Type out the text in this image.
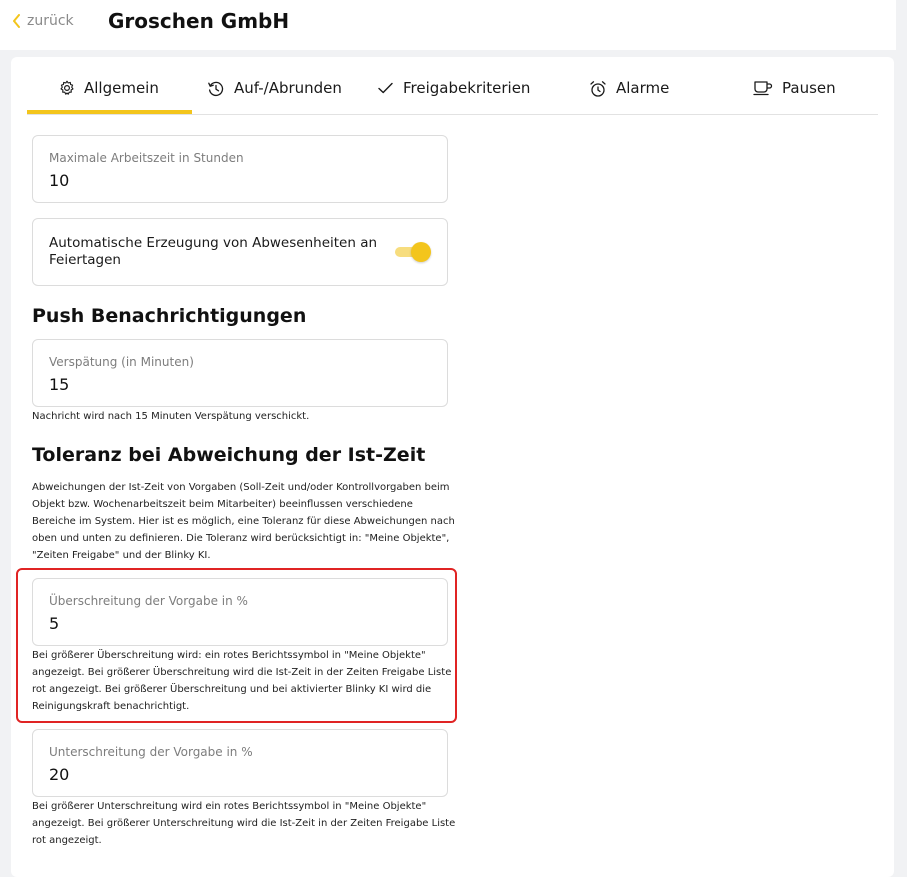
zurück Groschen GmbH
Allgemein	Auf-/Abrunden	Freigabekriterien	Alarme	Pausen
Maximale Arbeitszeit in Stunden
10
Automatische Erzeugung von Abwesenheiten an Feiertagen
Push Benachrichtigungen
Verspätung (in Minuten)
15
Nachricht wird nach 15 Minuten Verspätung verschickt.
Toleranz bei Abweichung der Ist-Zeit
Abweichungen der Ist-Zeit von Vorgaben (Soll-Zeit und/oder Kontrollvorgaben beim Objekt bzw. Wochenarbeitszeit beim Mitarbeiter) beeinflussen verschiedene Bereiche im System. Hier ist es möglich, eine Toleranz für diese Abweichungen nach oben und unten zu definieren. Die Toleranz wird berücksichtigt in: "Meine Objekte", "Zeiten Freigabe" und der Blinky KI.
Überschreitung der Vorgabe in %
5
Bei größerer Überschreitung wird: ein rotes Berichtssymbol in "Meine Objekte" angezeigt. Bei größerer Überschreitung wird die Ist-Zeit in der Zeiten Freigabe Liste rot angezeigt. Bei größerer Überschreitung und bei aktivierter Blinky KI wird die Reinigungskraft benachrichtigt.
Unterschreitung der Vorgabe in %
20
Bei größerer Unterschreitung wird ein rotes Berichtssymbol in "Meine Objekte" angezeigt. Bei größerer Unterschreitung wird die Ist-Zeit in der Zeiten Freigabe Liste rot angezeigt.
